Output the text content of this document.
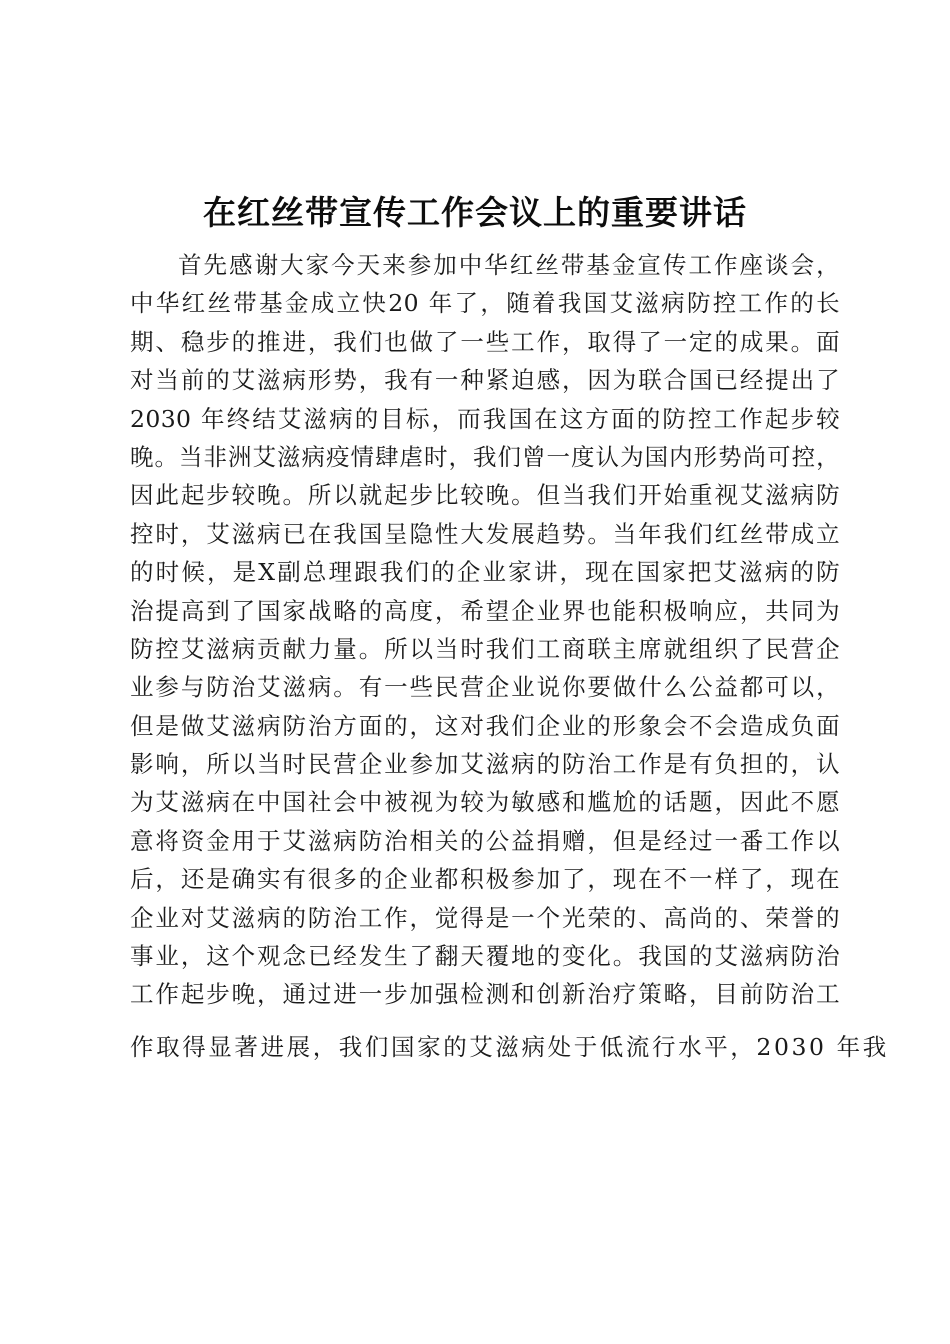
在红丝带宣传工作会议上的重要讲话
首先感谢大家今天来参加中华红丝带基金宣传工作座谈会，
中华红丝带基金成立快20 年了，随着我国艾滋病防控工作的长
期、稳步的推进，我们也做了一些工作，取得了一定的成果。面
对当前的艾滋病形势，我有一种紧迫感，因为联合国已经提出了
2030 年终结艾滋病的目标，而我国在这方面的防控工作起步较
晚。当非洲艾滋病疫情肆虐时，我们曾一度认为国内形势尚可控，
因此起步较晚。所以就起步比较晚。但当我们开始重视艾滋病防
控时，艾滋病已在我国呈隐性大发展趋势。当年我们红丝带成立
的时候，是X副总理跟我们的企业家讲，现在国家把艾滋病的防
治提高到了国家战略的高度，希望企业界也能积极响应，共同为
防控艾滋病贡献力量。所以当时我们工商联主席就组织了民营企
业参与防治艾滋病。有一些民营企业说你要做什么公益都可以，
但是做艾滋病防治方面的，这对我们企业的形象会不会造成负面
影响，所以当时民营企业参加艾滋病的防治工作是有负担的，认
为艾滋病在中国社会中被视为较为敏感和尴尬的话题，因此不愿
意将资金用于艾滋病防治相关的公益捐赠，但是经过一番工作以
后，还是确实有很多的企业都积极参加了，现在不一样了，现在
企业对艾滋病的防治工作，觉得是一个光荣的、高尚的、荣誉的
事业，这个观念已经发生了翻天覆地的变化。我国的艾滋病防治
工作起步晚，通过进一步加强检测和创新治疗策略，目前防治工
作取得显著进展，我们国家的艾滋病处于低流行水平，2030 年我
